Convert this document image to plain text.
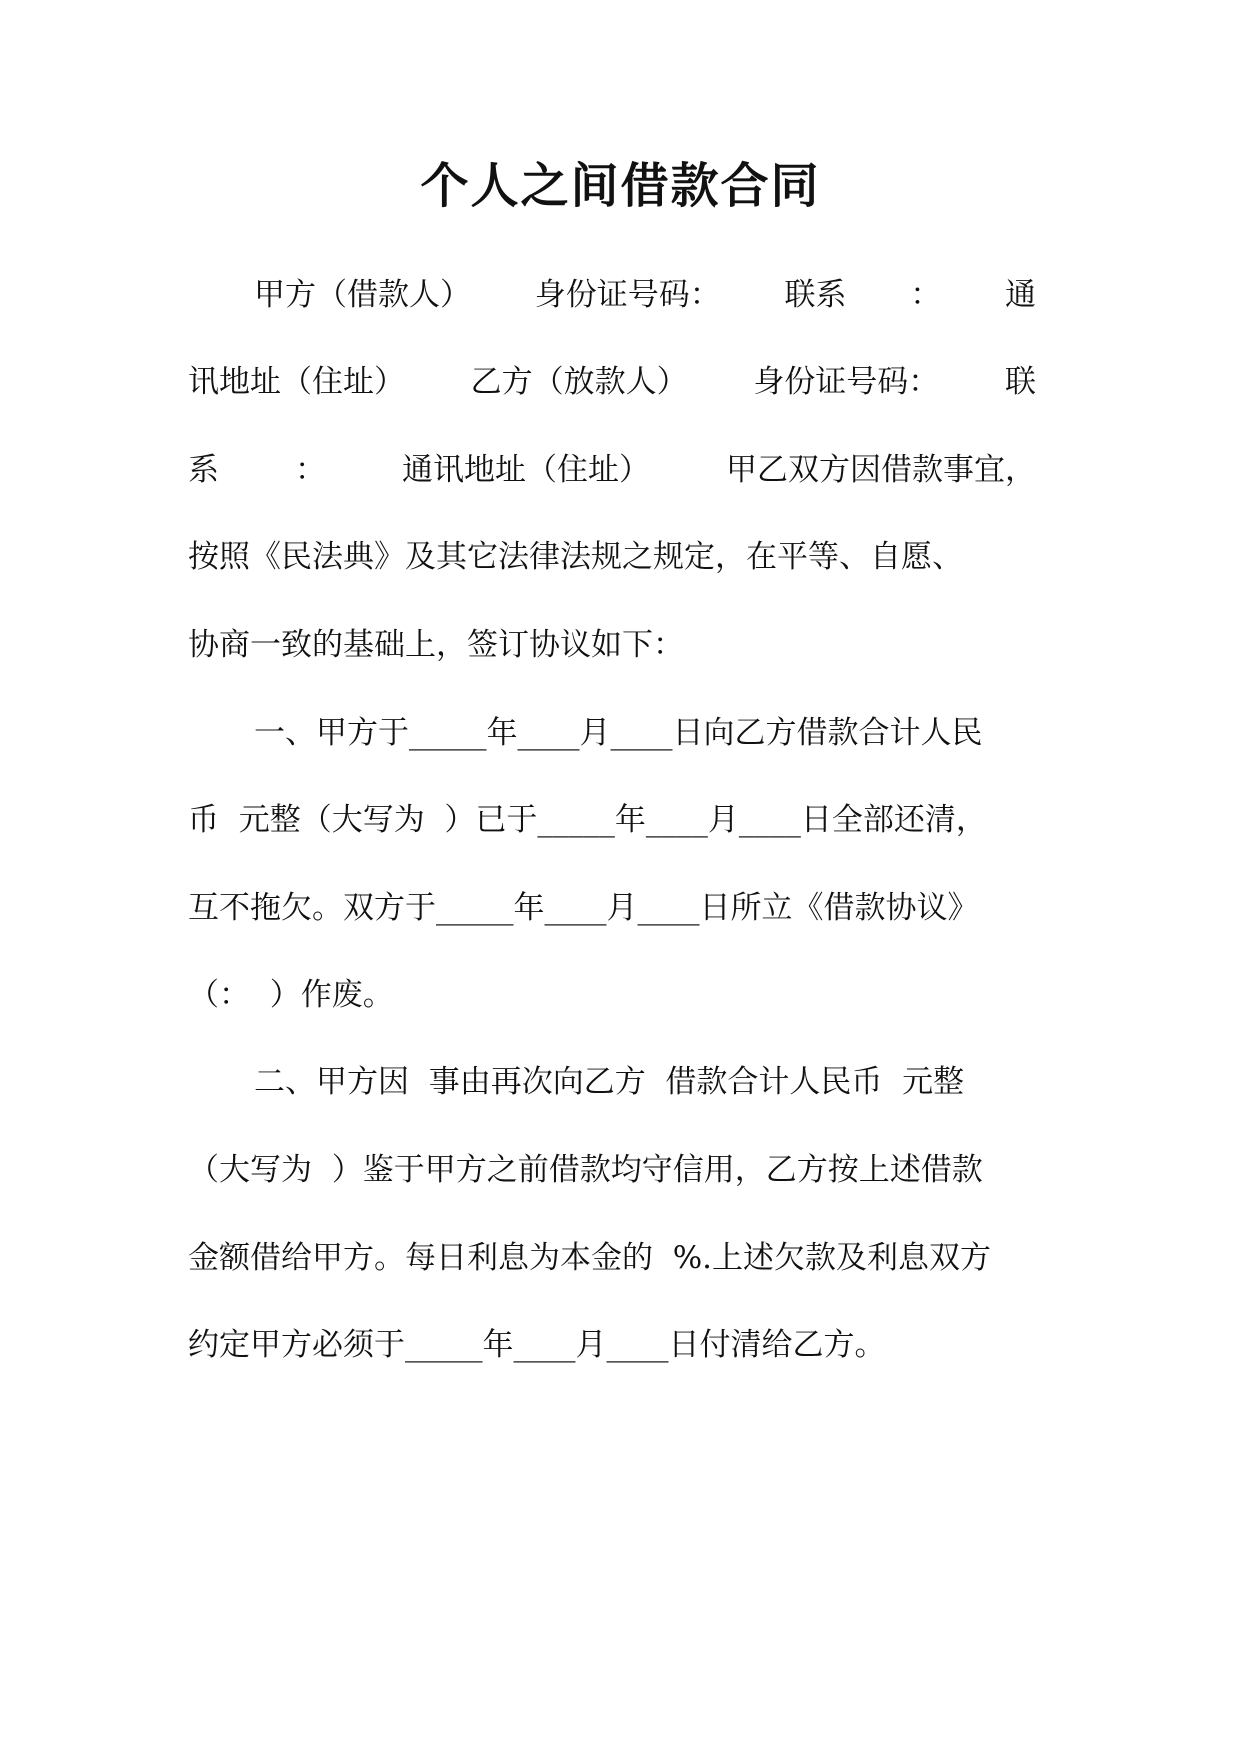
个人之间借款合同
甲方（借款人） 身份证号码： 联系 ： 通
讯地址（住址） 乙方（放款人） 身份证号码： 联
系 ： 通讯地址（住址） 甲乙双方因借款事宜，
按照《民法典》及其它法律法规之规定，在平等、自愿、
协商一致的基础上，签订协议如下：
一、甲方于_____年____月____日向乙方借款合计人民
币  元整（大写为  ）已于_____年____月____日全部还清，
互不拖欠。双方于_____年____月____日所立《借款协议》
（：  ）作废。
二、甲方因  事由再次向乙方  借款合计人民币  元整
（大写为  ）鉴于甲方之前借款均守信用，乙方按上述借款
金额借给甲方。每日利息为本金的  %.上述欠款及利息双方
约定甲方必须于_____年____月____日付清给乙方。
